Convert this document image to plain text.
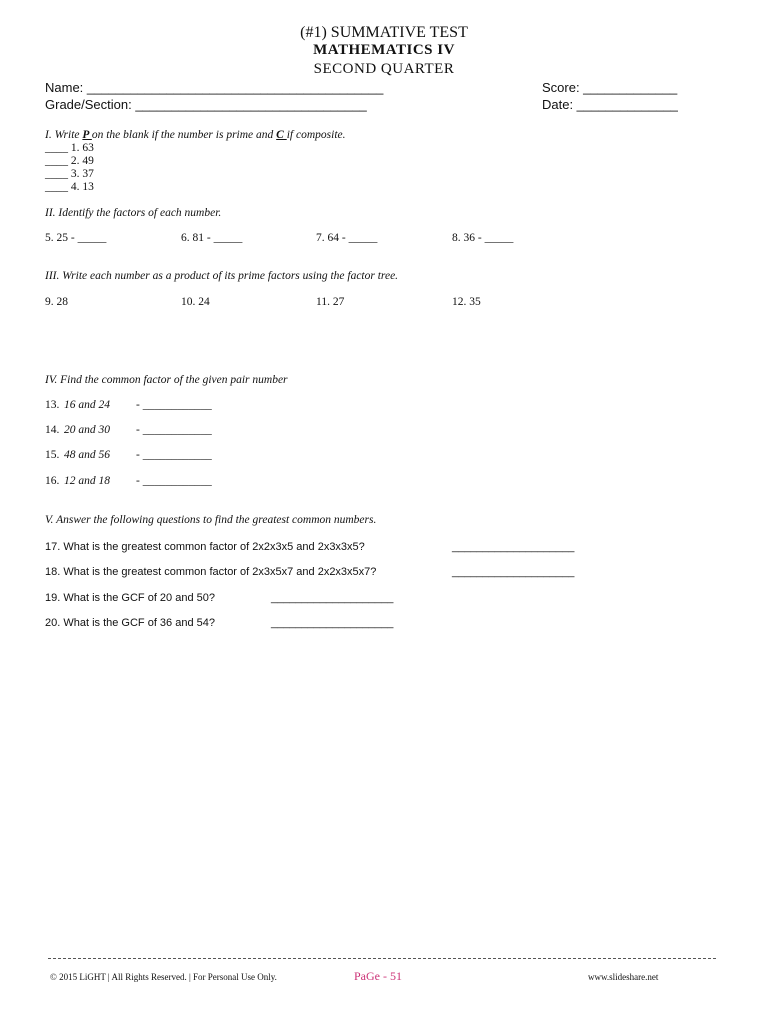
(#1) SUMMATIVE TEST
MATHEMATICS IV
SECOND QUARTER
Name: _________________________________________	Score: _____________
Grade/Section: ________________________________	Date: ______________
I. Write P on the blank if the number is prime and C if composite.
____ 1. 63
____ 2. 49
____ 3. 37
____ 4. 13
II. Identify the factors of each number.
5. 25 - _____	6. 81 - _____	7. 64 - _____	8. 36 - _____
III. Write each number as a product of its prime factors using the factor tree.
9. 28	10. 24	11. 27	12. 35
IV. Find the common factor of the given pair number
13. 16 and 24 - ____________
14. 20 and 30 - ____________
15. 48 and 56 - ____________
16. 12 and 18 - ____________
V. Answer the following questions to find the greatest common numbers.
17. What is the greatest common factor of 2x2x3x5 and 2x3x3x5?	____________________
18. What is the greatest common factor of 2x3x5x7 and 2x2x3x5x7?	____________________
19. What is the GCF of 20 and 50?	____________________
20. What is the GCF of 36 and 54?	____________________
© 2015 LiGHT | All Rights Reserved. | For Personal Use Only.	PaGe - 51	www.slideshare.net
